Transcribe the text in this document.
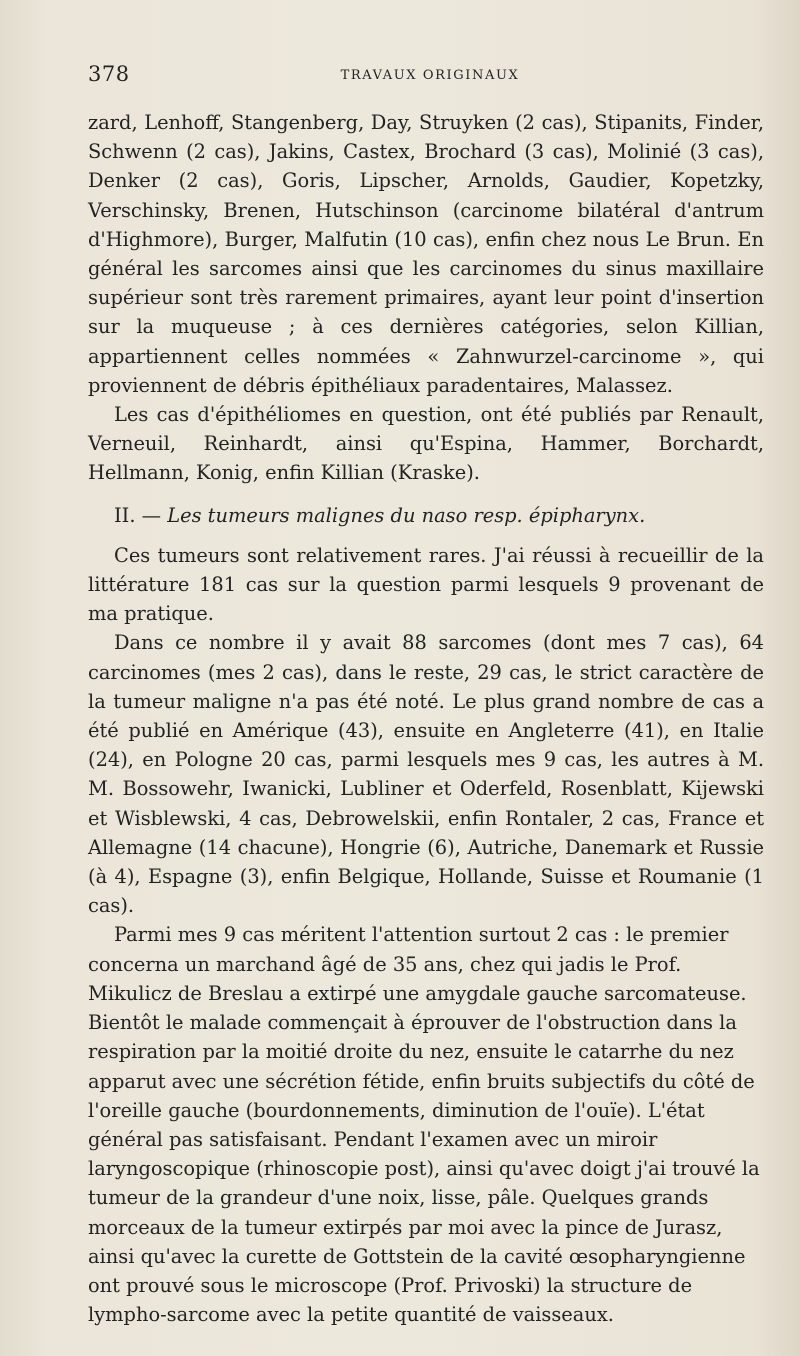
378	TRAVAUX ORIGINAUX

zard, Lenhoff, Stangenberg, Day, Struyken (2 cas), Stipanits, Finder, Schwenn (2 cas), Jakins, Castex, Brochard (3 cas), Molinié (3 cas), Denker (2 cas), Goris, Lipscher, Arnolds, Gaudier, Kopetzky, Verschinsky, Brenen, Hutschinson (carcinome bilatéral d'antrum d'Highmore), Burger, Malfutin (10 cas), enfin chez nous Le Brun. En général les sarcomes ainsi que les carcinomes du sinus maxillaire supérieur sont très rarement primaires, ayant leur point d'insertion sur la muqueuse ; à ces dernières catégories, selon Killian, appartiennent celles nommées « Zahnwurzel-carcinome », qui proviennent de débris épithéliaux paradentaires, Malassez.

Les cas d'épithéliomes en question, ont été publiés par Renault, Verneuil, Reinhardt, ainsi qu'Espina, Hammer, Borchardt, Hellmann, Konig, enfin Killian (Kraske).

II. — Les tumeurs malignes du naso resp. épipharynx.

Ces tumeurs sont relativement rares. J'ai réussi à recueillir de la littérature 181 cas sur la question parmi lesquels 9 provenant de ma pratique.

Dans ce nombre il y avait 88 sarcomes (dont mes 7 cas), 64 carcinomes (mes 2 cas), dans le reste, 29 cas, le strict caractère de la tumeur maligne n'a pas été noté. Le plus grand nombre de cas a été publié en Amérique (43), ensuite en Angleterre (41), en Italie (24), en Pologne 20 cas, parmi lesquels mes 9 cas, les autres à M. M. Bossowehr, Iwanicki, Lubliner et Oderfeld, Rosenblatt, Kijewski et Wisblewski, 4 cas, Debrowelskii, enfin Rontaler, 2 cas, France et Allemagne (14 chacune), Hongrie (6), Autriche, Danemark et Russie (à 4), Espagne (3), enfin Belgique, Hollande, Suisse et Roumanie (1 cas).

Parmi mes 9 cas méritent l'attention surtout 2 cas : le premier concerna un marchand âgé de 35 ans, chez qui jadis le Prof. Mikulicz de Breslau a extirpé une amygdale gauche sarcomateuse. Bientôt le malade commençait à éprouver de l'obstruction dans la respiration par la moitié droite du nez, ensuite le catarrhe du nez apparut avec une sécrétion fétide, enfin bruits subjectifs du côté de l'oreille gauche (bourdonnements, diminution de l'ouïe). L'état général pas satisfaisant. Pendant l'examen avec un miroir laryngoscopique (rhinoscopie post), ainsi qu'avec doigt j'ai trouvé la tumeur de la grandeur d'une noix, lisse, pâle. Quelques grands morceaux de la tumeur extirpés par moi avec la pince de Jurasz, ainsi qu'avec la curette de Gottstein de la cavité œsopharyngienne ont prouvé sous le microscope (Prof. Privoski) la structure de lympho-sarcome avec la petite quantité de vaisseaux.
